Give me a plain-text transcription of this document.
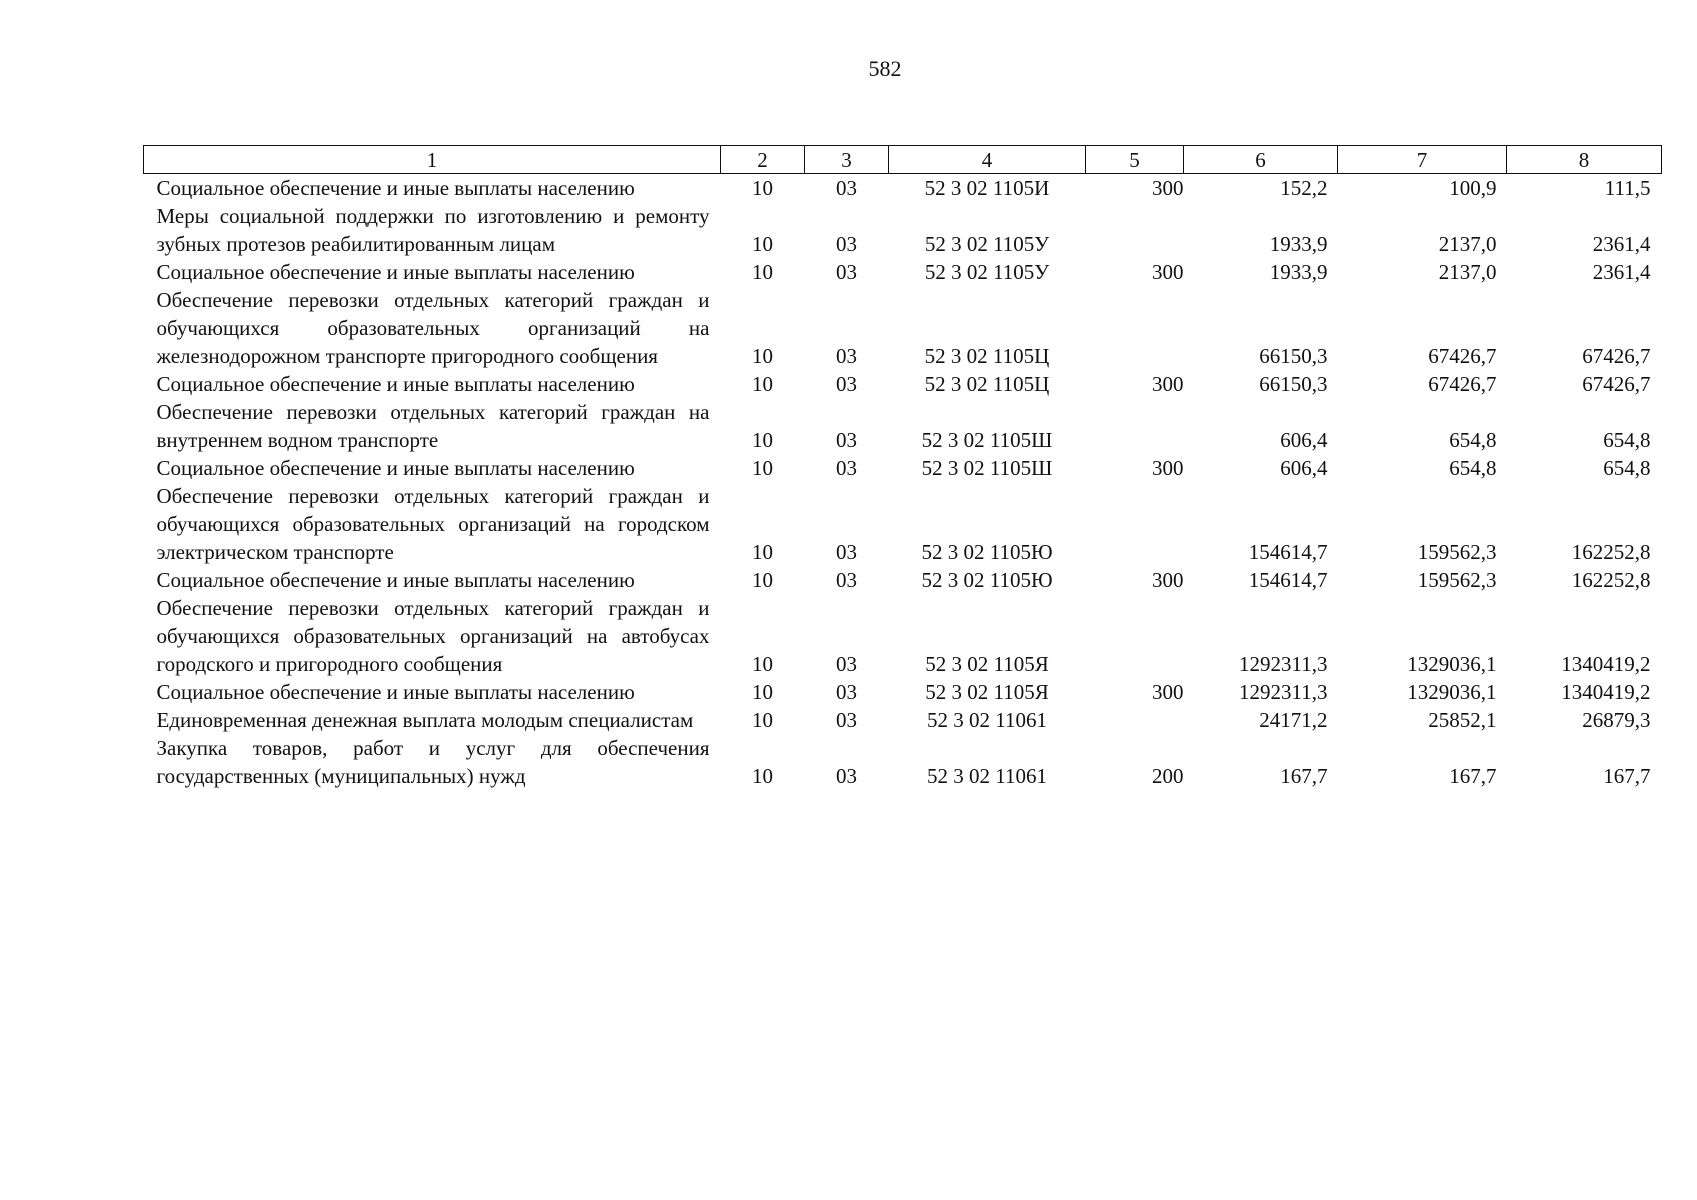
582
1	2	3	4	5	6	7	8
Социальное обеспечение и иные выплаты населению	10	03	52 3 02 1105И	300	152,2	100,9	111,5
Меры социальной поддержки по изготовлению и ремонту зубных протезов реабилитированным лицам	10	03	52 3 02 1105У		1933,9	2137,0	2361,4
Социальное обеспечение и иные выплаты населению	10	03	52 3 02 1105У	300	1933,9	2137,0	2361,4
Обеспечение перевозки отдельных категорий граждан и обучающихся образовательных организаций на железнодорожном транспорте пригородного сообщения	10	03	52 3 02 1105Ц		66150,3	67426,7	67426,7
Социальное обеспечение и иные выплаты населению	10	03	52 3 02 1105Ц	300	66150,3	67426,7	67426,7
Обеспечение перевозки отдельных категорий граждан на внутреннем водном транспорте	10	03	52 3 02 1105Ш		606,4	654,8	654,8
Социальное обеспечение и иные выплаты населению	10	03	52 3 02 1105Ш	300	606,4	654,8	654,8
Обеспечение перевозки отдельных категорий граждан и обучающихся образовательных организаций на городском электрическом транспорте	10	03	52 3 02 1105Ю		154614,7	159562,3	162252,8
Социальное обеспечение и иные выплаты населению	10	03	52 3 02 1105Ю	300	154614,7	159562,3	162252,8
Обеспечение перевозки отдельных категорий граждан и обучающихся образовательных организаций на автобусах городского и пригородного сообщения	10	03	52 3 02 1105Я		1292311,3	1329036,1	1340419,2
Социальное обеспечение и иные выплаты населению	10	03	52 3 02 1105Я	300	1292311,3	1329036,1	1340419,2
Единовременная денежная выплата молодым специалистам	10	03	52 3 02 11061		24171,2	25852,1	26879,3
Закупка товаров, работ и услуг для обеспечения государственных (муниципальных) нужд	10	03	52 3 02 11061	200	167,7	167,7	167,7
